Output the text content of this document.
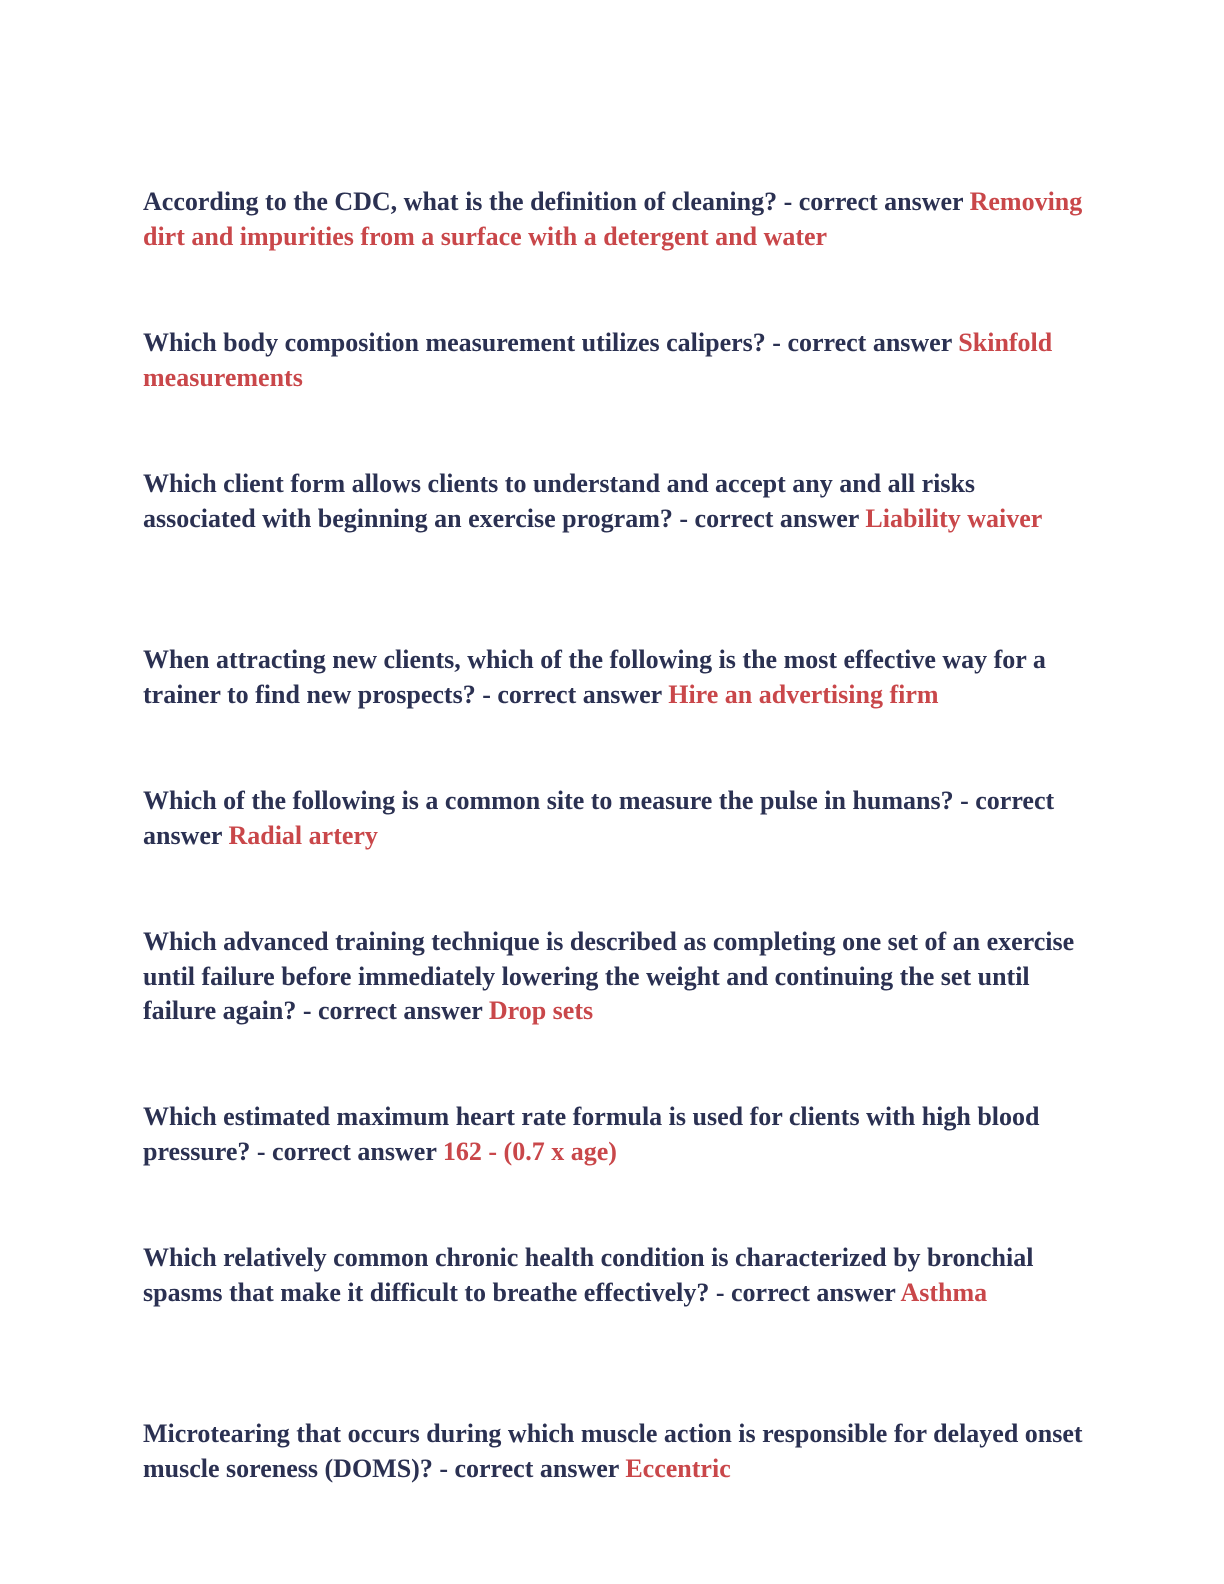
According to the CDC, what is the definition of cleaning? - correct answer Removing dirt and impurities from a surface with a detergent and water

Which body composition measurement utilizes calipers? - correct answer Skinfold measurements

Which client form allows clients to understand and accept any and all risks associated with beginning an exercise program? - correct answer Liability waiver

When attracting new clients, which of the following is the most effective way for a trainer to find new prospects? - correct answer Hire an advertising firm

Which of the following is a common site to measure the pulse in humans? - correct answer Radial artery

Which advanced training technique is described as completing one set of an exercise until failure before immediately lowering the weight and continuing the set until failure again? - correct answer Drop sets

Which estimated maximum heart rate formula is used for clients with high blood pressure? - correct answer 162 - (0.7 x age)

Which relatively common chronic health condition is characterized by bronchial spasms that make it difficult to breathe effectively? - correct answer Asthma

Microtearing that occurs during which muscle action is responsible for delayed onset muscle soreness (DOMS)? - correct answer Eccentric
